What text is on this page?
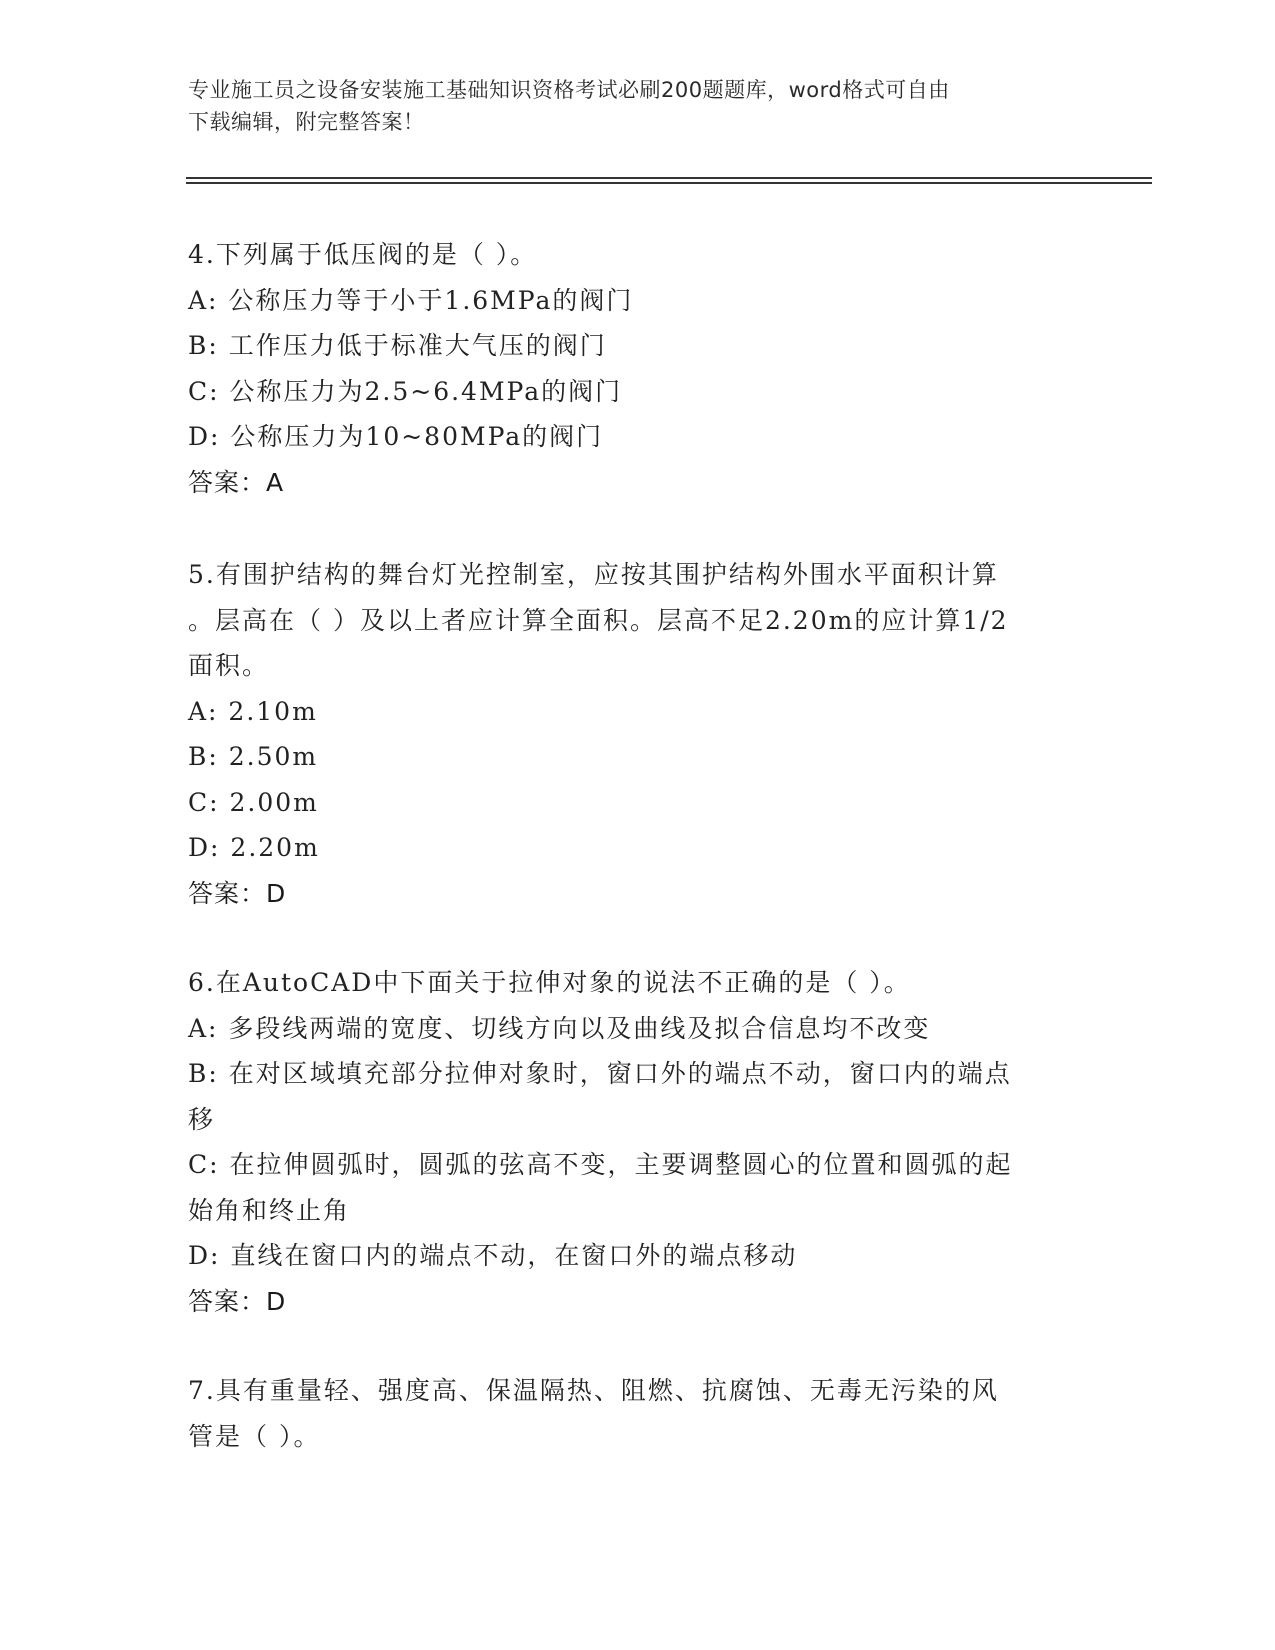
专业施工员之设备安装施工基础知识资格考试必刷200题题库，word格式可自由
下载编辑，附完整答案！
4.下列属于低压阀的是（ ）。
A: 公称压力等于小于1.6MPa的阀门
B: 工作压力低于标准大气压的阀门
C: 公称压力为2.5~6.4MPa的阀门
D: 公称压力为10~80MPa的阀门
答案：A
5.有围护结构的舞台灯光控制室，应按其围护结构外围水平面积计算
。层高在（ ）及以上者应计算全面积。层高不足2.20m的应计算1/2
面积。
A: 2.10m
B: 2.50m
C: 2.00m
D: 2.20m
答案：D
6.在AutoCAD中下面关于拉伸对象的说法不正确的是（ ）。
A: 多段线两端的宽度、切线方向以及曲线及拟合信息均不改变
B: 在对区域填充部分拉伸对象时，窗口外的端点不动，窗口内的端点
移
C: 在拉伸圆弧时，圆弧的弦高不变，主要调整圆心的位置和圆弧的起
始角和终止角
D: 直线在窗口内的端点不动，在窗口外的端点移动
答案：D
7.具有重量轻、强度高、保温隔热、阻燃、抗腐蚀、无毒无污染的风
管是（ ）。
